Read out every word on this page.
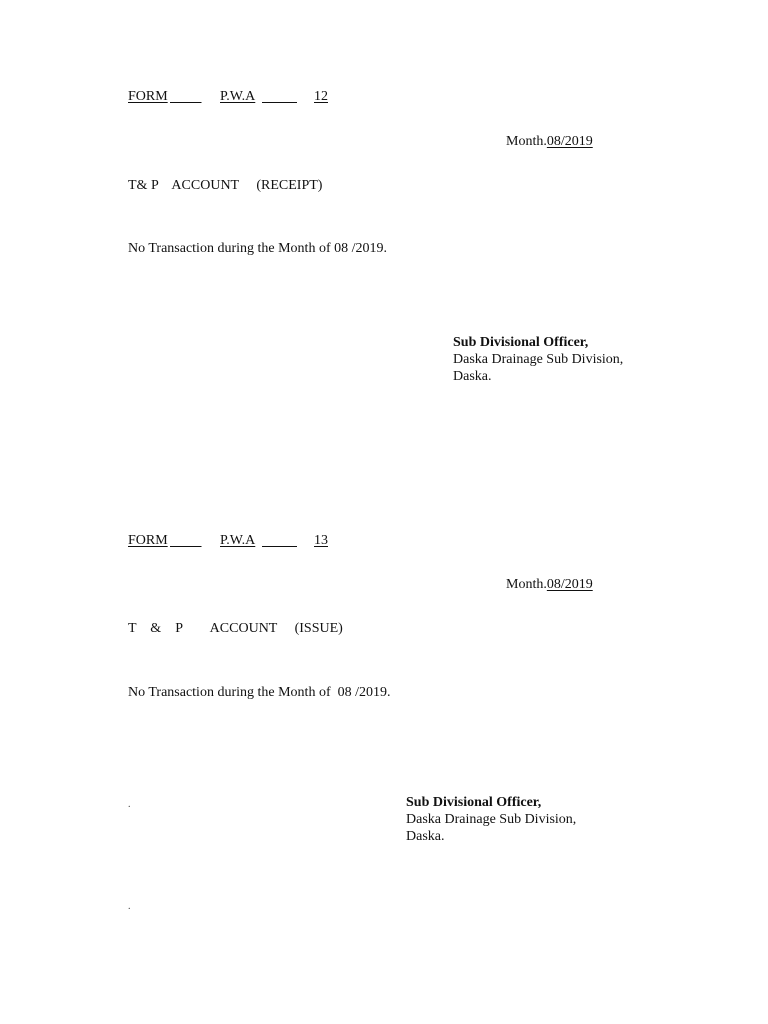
FORM
	P.W.A
	12

Month.08/2019

T& P    ACCOUNT     (RECEIPT)
No Transaction during the Month of 08 /2019.
Sub Divisional Officer,
Daska Drainage Sub Division,
Daska.
FORM
	P.W.A
	13

Month.08/2019

T    &    P        ACCOUNT     (ISSUE)
No Transaction during the Month of  08 /2019.
.	Sub Divisional Officer,
Daska Drainage Sub Division,
Daska.
.
